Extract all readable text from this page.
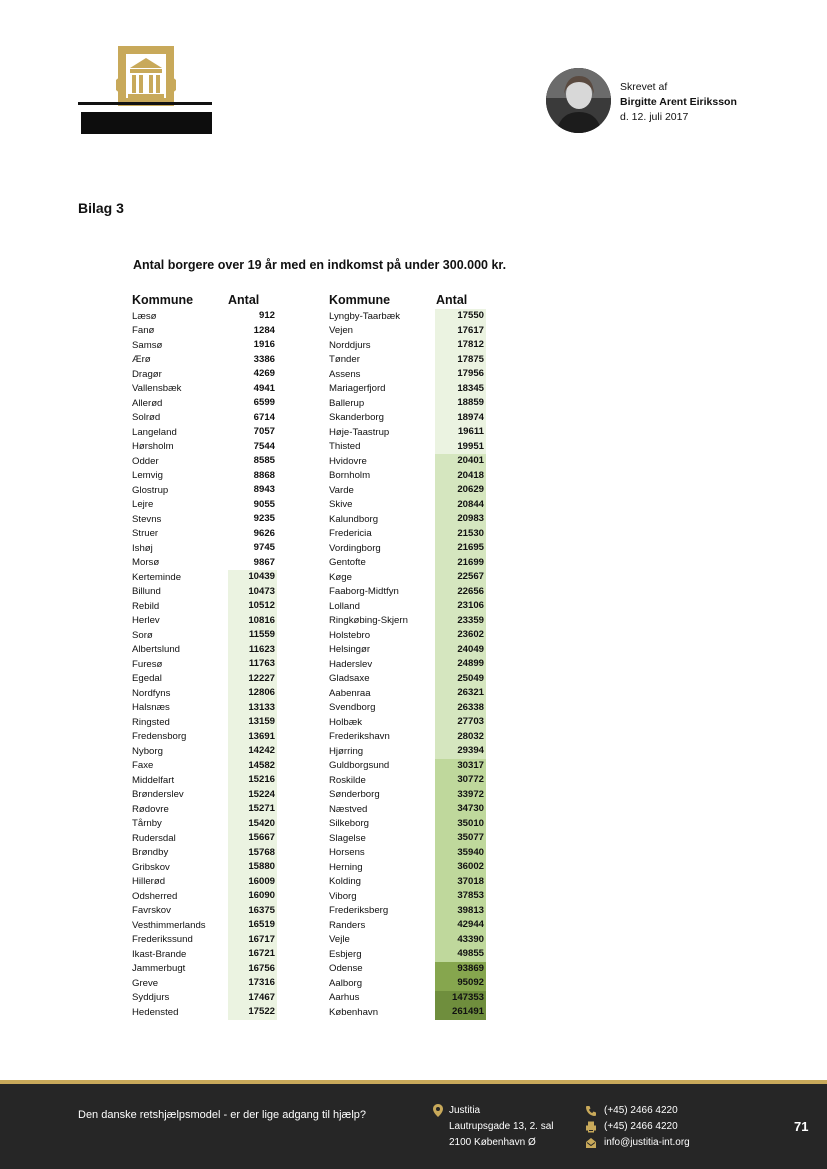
Skrevet af
Birgitte Arent Eiriksson
d. 12. juli 2017
Bilag 3
Antal borgere over 19 år med en indkomst på under 300.000 kr.
Kommune	Antal
Læsø	912
Fanø	1284
Samsø	1916
Ærø	3386
Dragør	4269
Vallensbæk	4941
Allerød	6599
Solrød	6714
Langeland	7057
Hørsholm	7544
Odder	8585
Lemvig	8868
Glostrup	8943
Lejre	9055
Stevns	9235
Struer	9626
Ishøj	9745
Morsø	9867
Kerteminde	10439
Billund	10473
Rebild	10512
Herlev	10816
Sorø	11559
Albertslund	11623
Furesø	11763
Egedal	12227
Nordfyns	12806
Halsnæs	13133
Ringsted	13159
Fredensborg	13691
Nyborg	14242
Faxe	14582
Middelfart	15216
Brønderslev	15224
Rødovre	15271
Tårnby	15420
Rudersdal	15667
Brøndby	15768
Gribskov	15880
Hillerød	16009
Odsherred	16090
Favrskov	16375
Vesthimmerlands	16519
Frederikssund	16717
Ikast-Brande	16721
Jammerbugt	16756
Greve	17316
Syddjurs	17467
Hedensted	17522
Kommune	Antal
Lyngby-Taarbæk	17550
Vejen	17617
Norddjurs	17812
Tønder	17875
Assens	17956
Mariagerfjord	18345
Ballerup	18859
Skanderborg	18974
Høje-Taastrup	19611
Thisted	19951
Hvidovre	20401
Bornholm	20418
Varde	20629
Skive	20844
Kalundborg	20983
Fredericia	21530
Vordingborg	21695
Gentofte	21699
Køge	22567
Faaborg-Midtfyn	22656
Lolland	23106
Ringkøbing-Skjern	23359
Holstebro	23602
Helsingør	24049
Haderslev	24899
Gladsaxe	25049
Aabenraa	26321
Svendborg	26338
Holbæk	27703
Frederikshavn	28032
Hjørring	29394
Guldborgsund	30317
Roskilde	30772
Sønderborg	33972
Næstved	34730
Silkeborg	35010
Slagelse	35077
Horsens	35940
Herning	36002
Kolding	37018
Viborg	37853
Frederiksberg	39813
Randers	42944
Vejle	43390
Esbjerg	49855
Odense	93869
Aalborg	95092
Aarhus	147353
København	261491
Den danske retshjælpsmodel - er der lige adgang til hjælp?	Justitia
Lautrupsgade 13, 2. sal
2100 København Ø
(+45) 2466 4220
(+45) 2466 4220
info@justitia-int.org
71
